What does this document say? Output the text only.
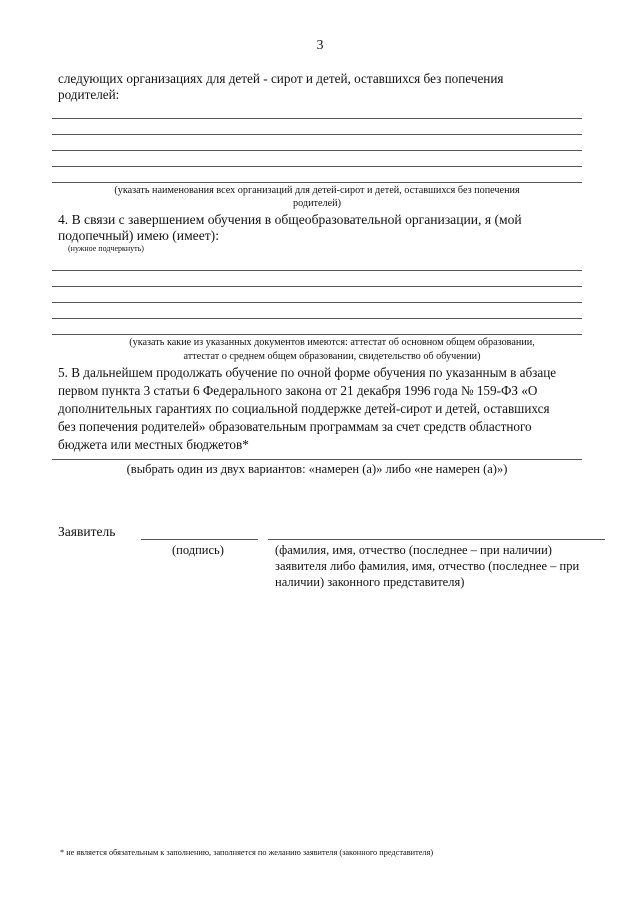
3
следующих организациях для детей - сирот и детей, оставшихся без попечения
родителей:
(указать наименования всех организаций для детей-сирот и детей, оставшихся без попечения
родителей)
4. В связи с завершением обучения в общеобразовательной организации, я (мой
подопечный) имею (имеет):
(нужное подчеркнуть)
(указать какие из указанных документов имеются: аттестат об основном общем образовании,
аттестат о среднем общем образовании, свидетельство об обучении)
5. В дальнейшем продолжать обучение по очной форме обучения по указанным в абзаце
первом пункта 3 статьи 6 Федерального закона от 21 декабря 1996 года № 159-ФЗ «О
дополнительных гарантиях по социальной поддержке детей-сирот и детей, оставшихся
без попечения родителей» образовательным программам за счет средств областного
бюджета или местных бюджетов*
(выбрать один из двух вариантов: «намерен (а)» либо «не намерен (а)»)
Заявитель
(подпись)	(фамилия, имя, отчество (последнее – при наличии)
заявителя либо фамилия, имя, отчество (последнее – при
наличии) законного представителя)
* не является обязательным к заполнению, заполняется по желанию заявителя (законного представителя)
